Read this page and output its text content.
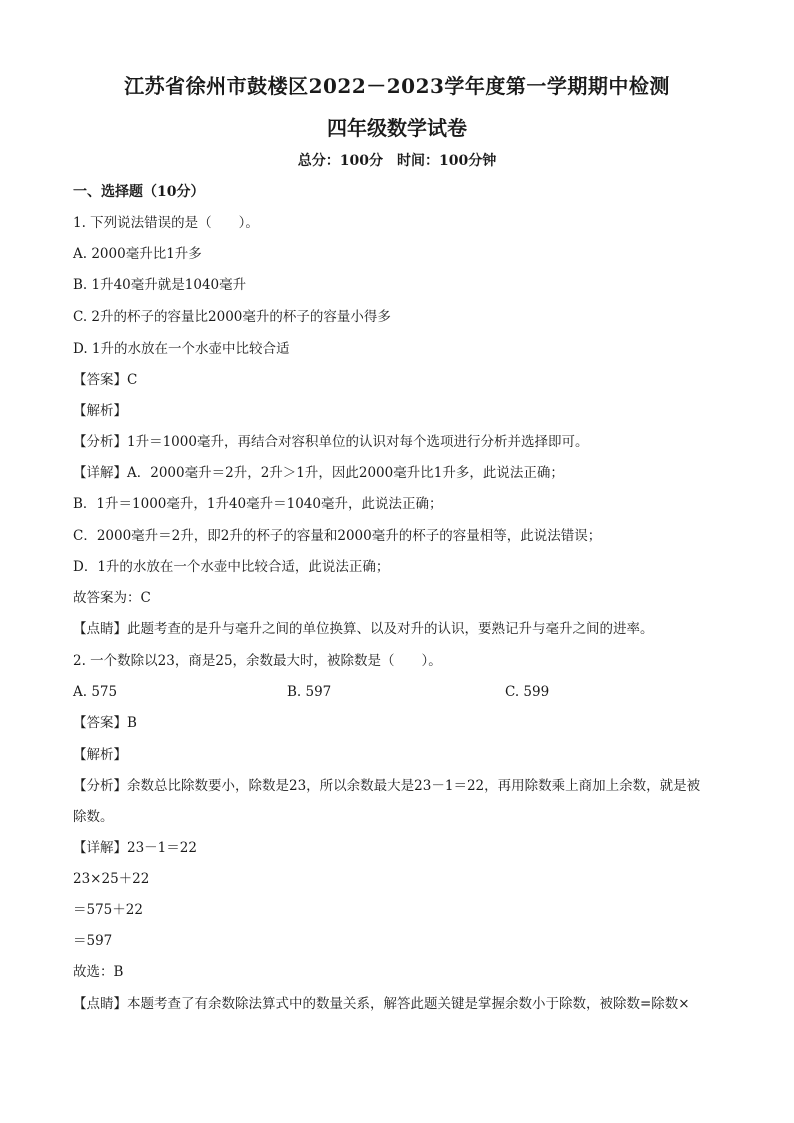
江苏省徐州市鼓楼区2022－2023学年度第一学期期中检测
四年级数学试卷
总分：100分　时间：100分钟
一、选择题（10分）
1. 下列说法错误的是（　　）。
A. 2000毫升比1升多
B. 1升40毫升就是1040毫升
C. 2升的杯子的容量比2000毫升的杯子的容量小得多
D. 1升的水放在一个水壶中比较合适
【答案】C
【解析】
【分析】1升＝1000毫升，再结合对容积单位的认识对每个选项进行分析并选择即可。
【详解】A．2000毫升＝2升，2升＞1升，因此2000毫升比1升多，此说法正确；
B．1升＝1000毫升，1升40毫升＝1040毫升，此说法正确；
C．2000毫升＝2升，即2升的杯子的容量和2000毫升的杯子的容量相等，此说法错误；
D．1升的水放在一个水壶中比较合适，此说法正确；
故答案为：C
【点睛】此题考查的是升与毫升之间的单位换算、以及对升的认识，要熟记升与毫升之间的进率。
2. 一个数除以23，商是25，余数最大时，被除数是（　　）。
A. 575	B. 597	C. 599
【答案】B
【解析】
【分析】余数总比除数要小，除数是23，所以余数最大是23－1＝22，再用除数乘上商加上余数，就是被
除数。
【详解】23－1＝22
23×25＋22
＝575＋22
＝597
故选：B
【点睛】本题考查了有余数除法算式中的数量关系，解答此题关键是掌握余数小于除数，被除数=除数×
